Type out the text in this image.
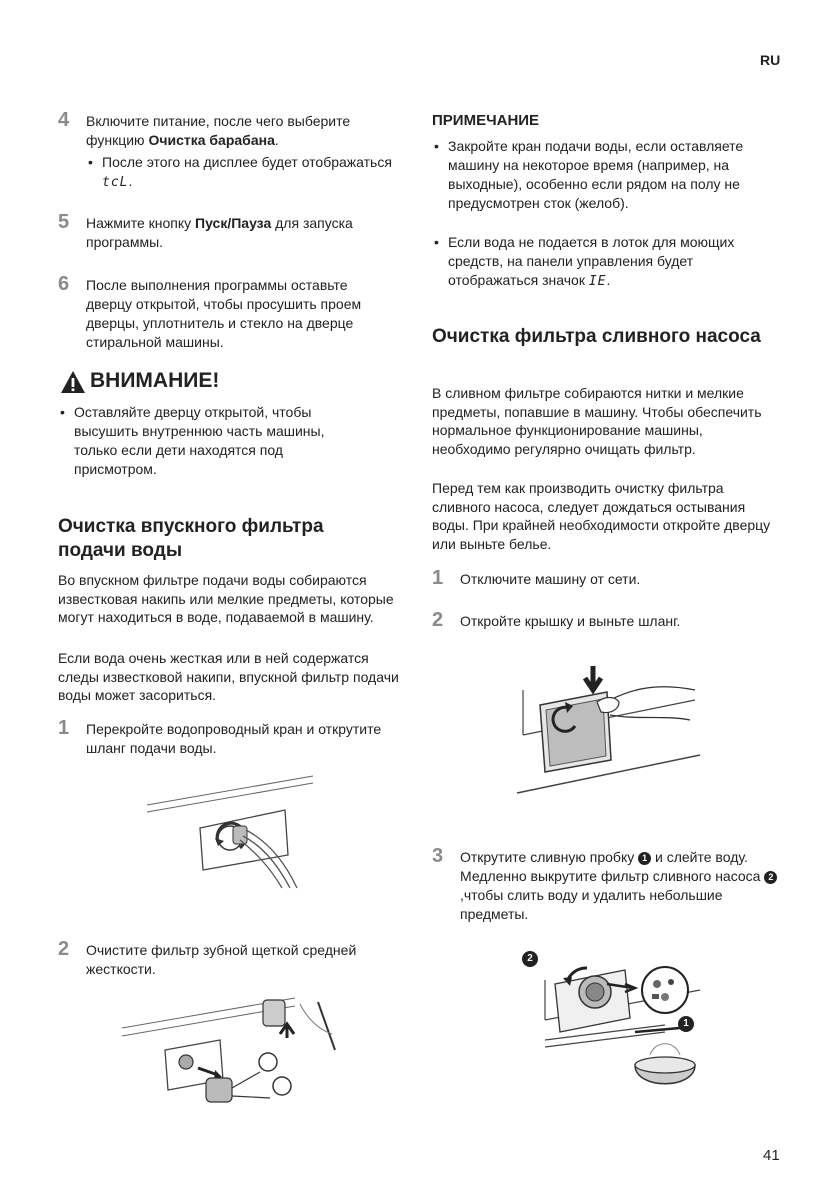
RU
4 Включите питание, после чего выберите функцию Очистка барабана.
• После этого на дисплее будет отображаться tcL.
5 Нажмите кнопку Пуск/Пауза для запуска программы.
6 После выполнения программы оставьте дверцу открытой, чтобы просушить проем дверцы, уплотнитель и стекло на дверце стиральной машины.
ВНИМАНИЕ!
• Оставляйте дверцу открытой, чтобы высушить внутреннюю часть машины, только если дети находятся под присмотром.
Очистка впускного фильтра подачи воды
Во впускном фильтре подачи воды собираются известковая накипь или мелкие предметы, которые могут находиться в воде, подаваемой в машину.
Если вода очень жесткая или в ней содержатся следы известковой накипи, впускной фильтр подачи воды может засориться.
1 Перекройте водопроводный кран и открутите шланг подачи воды.
2 Очистите фильтр зубной щеткой средней жесткости.
ПРИМЕЧАНИЕ
• Закройте кран подачи воды, если оставляете машину на некоторое время (например, на выходные), особенно если рядом на полу не предусмотрен сток (желоб).
• Если вода не подается в лоток для моющих средств, на панели управления будет отображаться значок IE.
Очистка фильтра сливного насоса
В сливном фильтре собираются нитки и мелкие предметы, попавшие в машину. Чтобы обеспечить нормальное функционирование машины, необходимо регулярно очищать фильтр.
Перед тем как производить очистку фильтра сливного насоса, следует дождаться остывания воды. При крайней необходимости откройте дверцу или выньте белье.
1 Отключите машину от сети.
2 Откройте крышку и выньте шланг.
3 Открутите сливную пробку 1 и слейте воду. Медленно выкрутите фильтр сливного насоса 2,чтобы слить воду и удалить небольшие предметы.
2
1
41
